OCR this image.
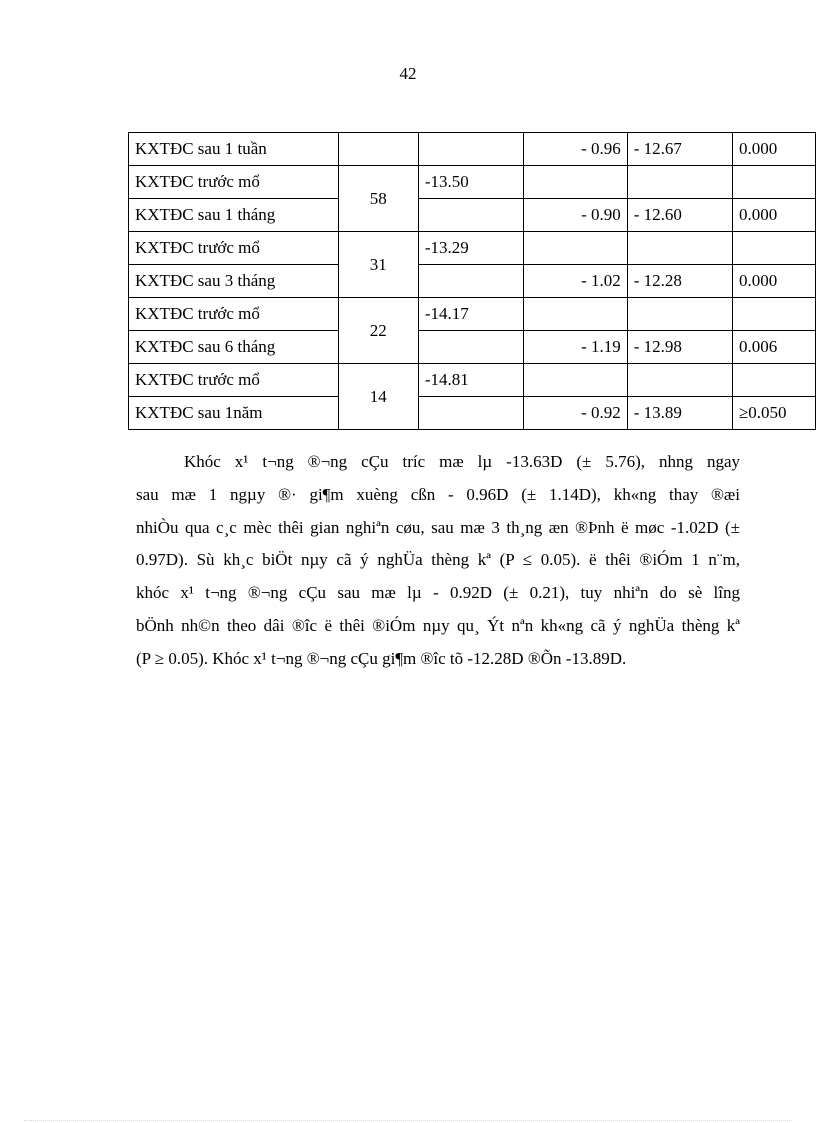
42
KXTĐC sau 1 tuần			- 0.96	- 12.67	0.000
KXTĐC trước mổ	58	-13.50			
KXTĐC sau 1 tháng			- 0.90	- 12.60	0.000
KXTĐC trước mổ	31	-13.29			
KXTĐC sau 3 tháng			- 1.02	- 12.28	0.000
KXTĐC trước mổ	22	-14.17			
KXTĐC sau 6 tháng			- 1.19	- 12.98	0.006
KXTĐC trước mổ	14	-14.81			
KXTĐC sau 1năm			- 0.92	- 13.89	≥0.050
Khóc x¹ t¬ng ®¬ng cÇu tríc mæ lµ -13.63D (± 5.76), nhng ngay
sau mæ 1 ngµy ®· gi¶m xuèng cßn - 0.96D (± 1.14D), kh«ng thay ®æi
nhiÒu qua c¸c mèc thêi gian nghiªn cøu, sau mæ 3 th¸ng æn ®Þnh ë møc -1.02D (±
0.97D). Sù kh¸c biÖt nµy cã ý nghÜa thèng kª (P ≤ 0.05). ë thêi ®iÓm 1 n¨m,
khóc x¹ t¬ng ®¬ng cÇu sau mæ lµ - 0.92D (± 0.21), tuy nhiªn do sè lîng
bÖnh nh©n theo dâi ®îc ë thêi ®iÓm nµy qu¸ Ýt nªn kh«ng cã ý nghÜa thèng kª
(P ≥ 0.05). Khóc x¹ t¬ng ®¬ng cÇu gi¶m ®îc tõ -12.28D ®Õn -13.89D.
